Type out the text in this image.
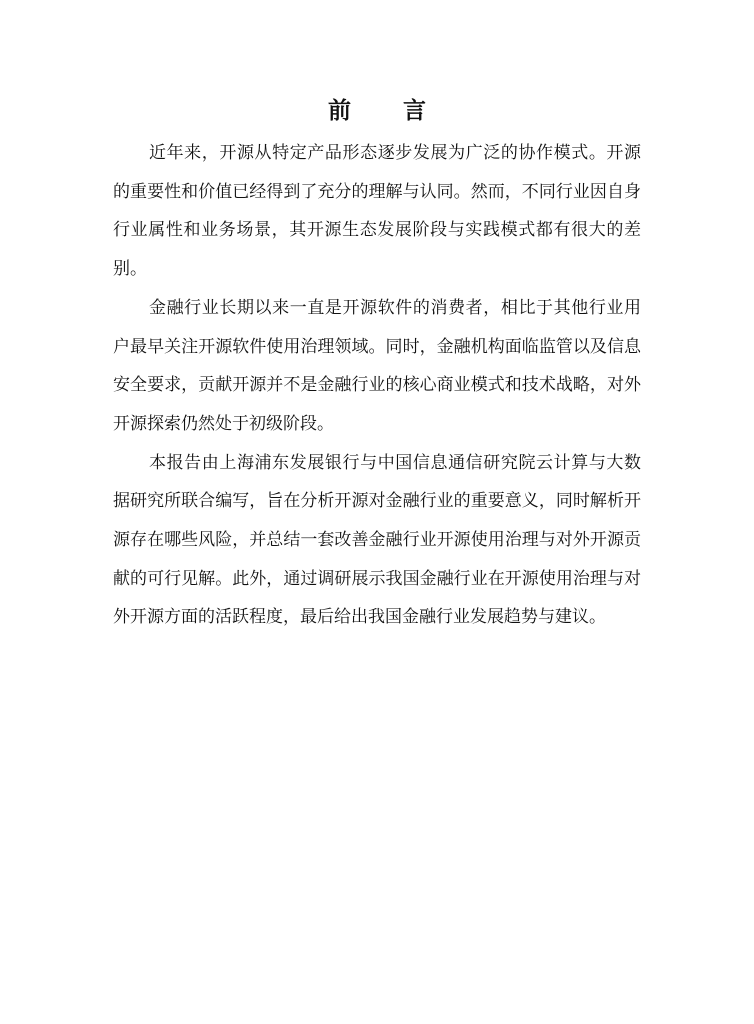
前 言

近年来，开源从特定产品形态逐步发展为广泛的协作模式。开源的重要性和价值已经得到了充分的理解与认同。然而，不同行业因自身行业属性和业务场景，其开源生态发展阶段与实践模式都有很大的差别。

金融行业长期以来一直是开源软件的消费者，相比于其他行业用户最早关注开源软件使用治理领域。同时，金融机构面临监管以及信息安全要求，贡献开源并不是金融行业的核心商业模式和技术战略，对外开源探索仍然处于初级阶段。

本报告由上海浦东发展银行与中国信息通信研究院云计算与大数据研究所联合编写，旨在分析开源对金融行业的重要意义，同时解析开源存在哪些风险，并总结一套改善金融行业开源使用治理与对外开源贡献的可行见解。此外，通过调研展示我国金融行业在开源使用治理与对外开源方面的活跃程度，最后给出我国金融行业发展趋势与建议。
